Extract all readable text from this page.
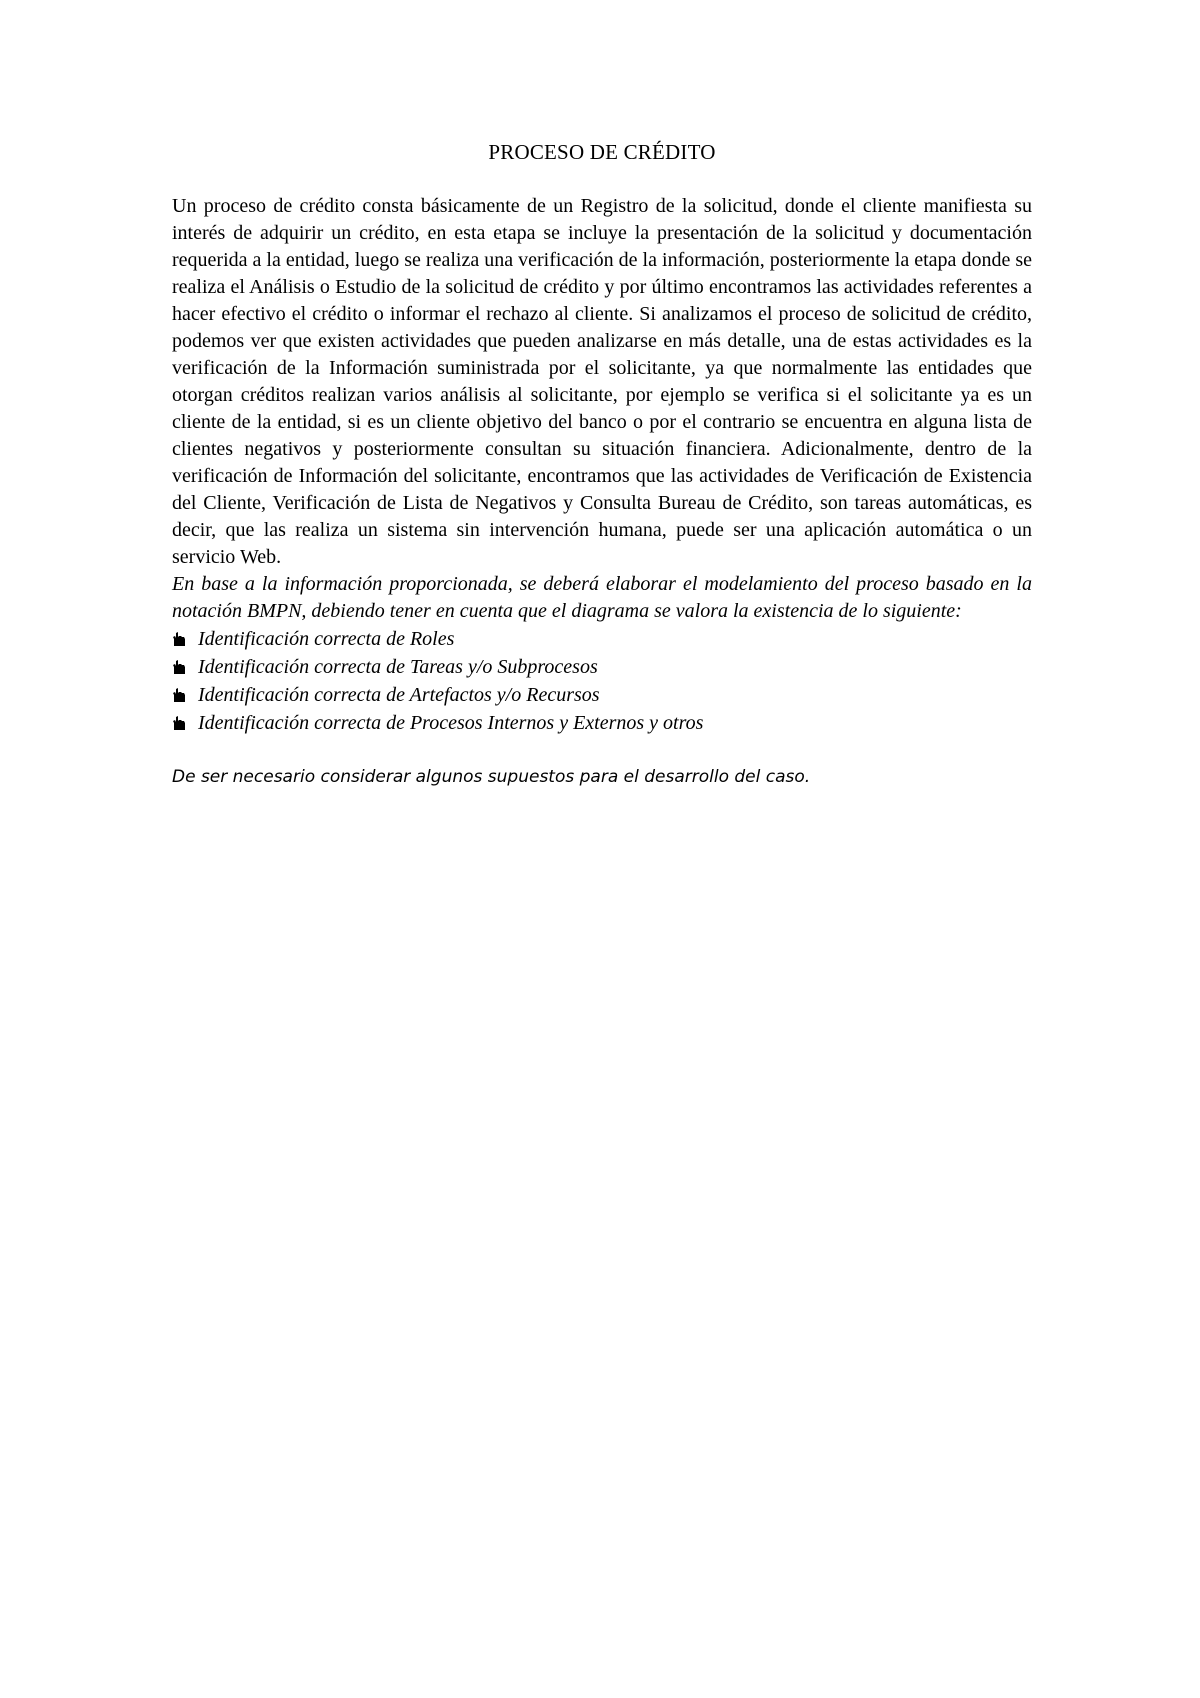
PROCESO DE CRÉDITO

Un proceso de crédito consta básicamente de un Registro de la solicitud, donde el cliente manifiesta su interés de adquirir un crédito, en esta etapa se incluye la presentación de la solicitud y documentación requerida a la entidad, luego se realiza una verificación de la información, posteriormente la etapa donde se realiza el Análisis o Estudio de la solicitud de crédito y por último encontramos las actividades referentes a hacer efectivo el crédito o informar el rechazo al cliente. Si analizamos el proceso de solicitud de crédito, podemos ver que existen actividades que pueden analizarse en más detalle, una de estas actividades es la verificación de la Información suministrada por el solicitante, ya que normalmente las entidades que otorgan créditos realizan varios análisis al solicitante, por ejemplo se verifica si el solicitante ya es un cliente de la entidad, si es un cliente objetivo del banco o por el contrario se encuentra en alguna lista de clientes negativos y posteriormente consultan su situación financiera. Adicionalmente, dentro de la verificación de Información del solicitante, encontramos que las actividades de Verificación de Existencia del Cliente, Verificación de Lista de Negativos y Consulta Bureau de Crédito, son tareas automáticas, es decir, que las realiza un sistema sin intervención humana, puede ser una aplicación automática o un servicio Web.

En base a la información proporcionada, se deberá elaborar el modelamiento del proceso basado en la notación BMPN, debiendo tener en cuenta que el diagrama se valora la existencia de lo siguiente:

Identificación correcta de Roles
Identificación correcta de Tareas y/o Subprocesos
Identificación correcta de Artefactos y/o Recursos
Identificación correcta de Procesos Internos y Externos y otros

De ser necesario considerar algunos supuestos para el desarrollo del caso.
